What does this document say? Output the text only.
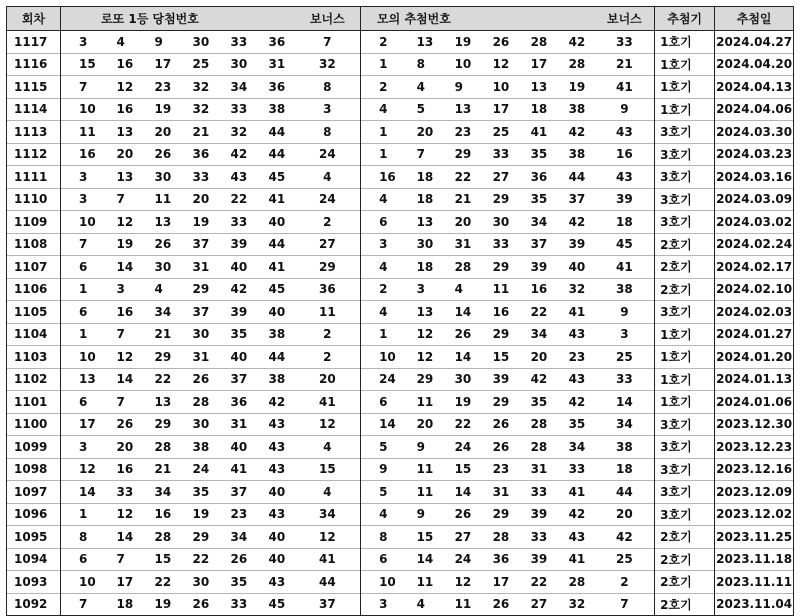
회차	로또 1등 당첨번호						보너스	모의 추첨번호						보너스	추첨기	추첨일
1117	3	4	9	30	33	36	7	2	13	19	26	28	42	33	1호기	2024.04.27
1116	15	16	17	25	30	31	32	1	8	10	12	17	28	21	1호기	2024.04.20
1115	7	12	23	32	34	36	8	2	4	9	10	13	19	41	1호기	2024.04.13
1114	10	16	19	32	33	38	3	4	5	13	17	18	38	9	1호기	2024.04.06
1113	11	13	20	21	32	44	8	1	20	23	25	41	42	43	3호기	2024.03.30
1112	16	20	26	36	42	44	24	1	7	29	33	35	38	16	3호기	2024.03.23
1111	3	13	30	33	43	45	4	16	18	22	27	36	44	43	3호기	2024.03.16
1110	3	7	11	20	22	41	24	4	18	21	29	35	37	39	3호기	2024.03.09
1109	10	12	13	19	33	40	2	6	13	20	30	34	42	18	3호기	2024.03.02
1108	7	19	26	37	39	44	27	3	30	31	33	37	39	45	2호기	2024.02.24
1107	6	14	30	31	40	41	29	4	18	28	29	39	40	41	2호기	2024.02.17
1106	1	3	4	29	42	45	36	2	3	4	11	16	32	38	2호기	2024.02.10
1105	6	16	34	37	39	40	11	4	13	14	16	22	41	9	3호기	2024.02.03
1104	1	7	21	30	35	38	2	1	12	26	29	34	43	3	1호기	2024.01.27
1103	10	12	29	31	40	44	2	10	12	14	15	20	23	25	1호기	2024.01.20
1102	13	14	22	26	37	38	20	24	29	30	39	42	43	33	1호기	2024.01.13
1101	6	7	13	28	36	42	41	6	11	19	29	35	42	14	1호기	2024.01.06
1100	17	26	29	30	31	43	12	14	20	22	26	28	35	34	3호기	2023.12.30
1099	3	20	28	38	40	43	4	5	9	24	26	28	34	38	3호기	2023.12.23
1098	12	16	21	24	41	43	15	9	11	15	23	31	33	18	3호기	2023.12.16
1097	14	33	34	35	37	40	4	5	11	14	31	33	41	44	3호기	2023.12.09
1096	1	12	16	19	23	43	34	4	9	26	29	39	42	20	3호기	2023.12.02
1095	8	14	28	29	34	40	12	8	15	27	28	33	43	42	2호기	2023.11.25
1094	6	7	15	22	26	40	41	6	14	24	36	39	41	25	2호기	2023.11.18
1093	10	17	22	30	35	43	44	10	11	12	17	22	28	2	2호기	2023.11.11
1092	7	18	19	26	33	45	37	3	4	11	26	27	32	7	2호기	2023.11.04
